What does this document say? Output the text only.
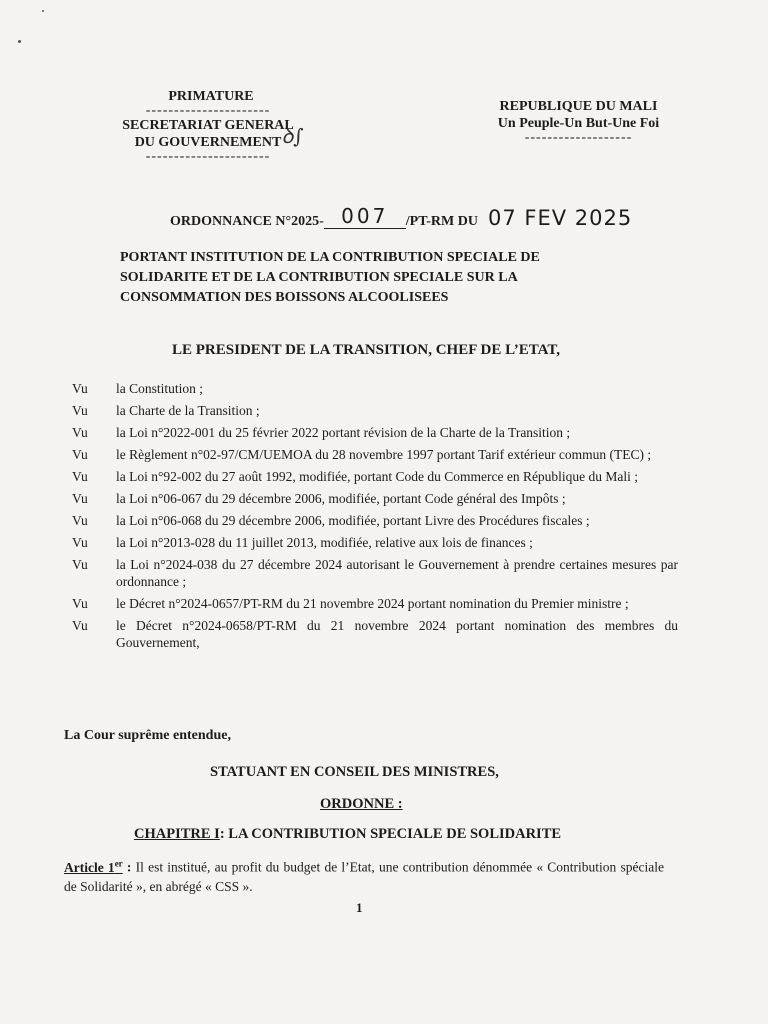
PRIMATURE
----------------------
SECRETARIAT GENERAL
DU GOUVERNEMENT ꝺ∫
----------------------
REPUBLIQUE DU MALI
Un Peuple-Un But-Une Foi
-------------------
ORDONNANCE N°2025- 007 /PT-RM DU 07 FEV 2025
PORTANT INSTITUTION DE LA CONTRIBUTION SPECIALE DE
SOLIDARITE ET DE LA CONTRIBUTION SPECIALE SUR LA
CONSOMMATION DES BOISSONS ALCOOLISEES
LE PRESIDENT DE LA TRANSITION, CHEF DE L’ETAT,
Vu	la Constitution ;
Vu	la Charte de la Transition ;
Vu	la Loi n°2022-001 du 25 février 2022 portant révision de la Charte de la Transition ;
Vu	le Règlement n°02-97/CM/UEMOA du 28 novembre 1997 portant Tarif extérieur commun (TEC) ;
Vu	la Loi n°92-002 du 27 août 1992, modifiée, portant Code du Commerce en République du Mali ;
Vu	la Loi n°06-067 du 29 décembre 2006, modifiée, portant Code général des Impôts ;
Vu	la Loi n°06-068 du 29 décembre 2006, modifiée, portant Livre des Procédures fiscales ;
Vu	la Loi n°2013-028 du 11 juillet 2013, modifiée, relative aux lois de finances ;
Vu	la Loi n°2024-038 du 27 décembre 2024 autorisant le Gouvernement à prendre certaines mesures par ordonnance ;
Vu	le Décret n°2024-0657/PT-RM du 21 novembre 2024 portant nomination du Premier ministre ;
Vu	le Décret n°2024-0658/PT-RM du 21 novembre 2024 portant nomination des membres du Gouvernement,
La Cour suprême entendue,
STATUANT EN CONSEIL DES MINISTRES,
ORDONNE :
CHAPITRE I: LA CONTRIBUTION SPECIALE DE SOLIDARITE
Article 1er : Il est institué, au profit du budget de l’Etat, une contribution dénommée « Contribution spéciale de Solidarité », en abrégé « CSS ».
1
